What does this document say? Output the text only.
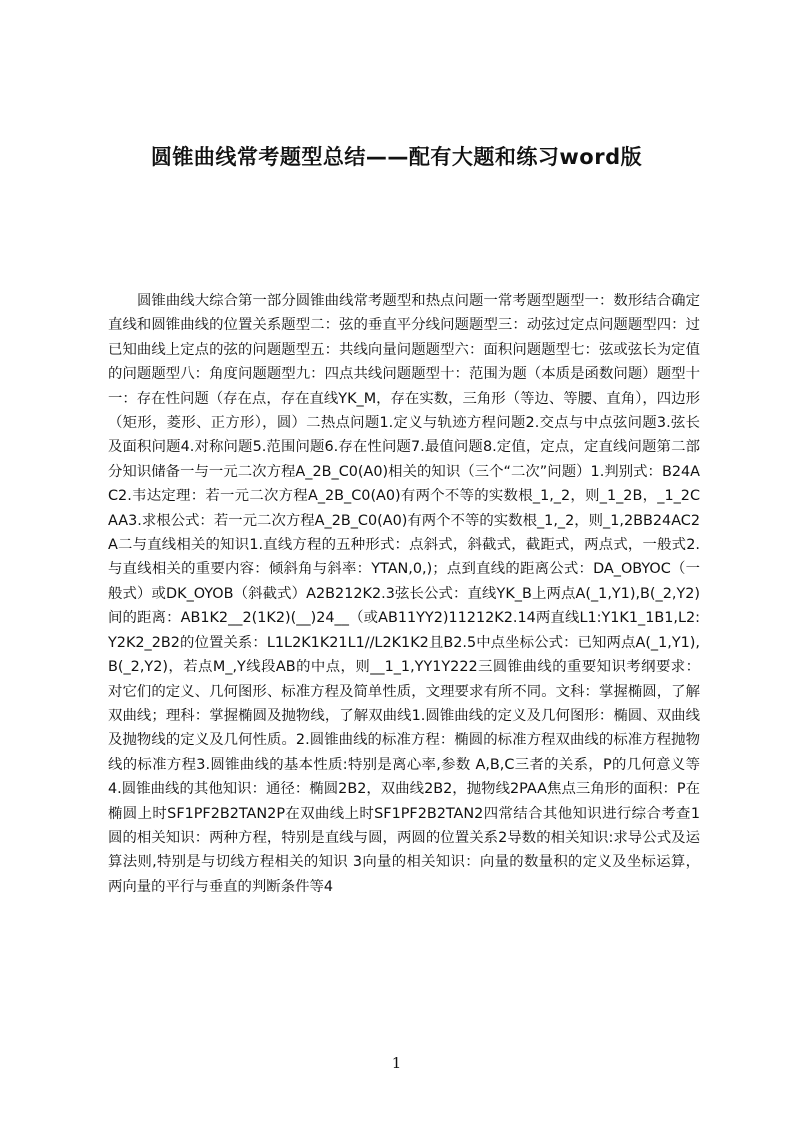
圆锥曲线常考题型总结——配有大题和练习word版
圆锥曲线大综合第一部分圆锥曲线常考题型和热点问题一常考题型题型一：数形结合确定直线和圆锥曲线的位置关系题型二：弦的垂直平分线问题题型三：动弦过定点问题题型四：过已知曲线上定点的弦的问题题型五：共线向量问题题型六：面积问题题型七：弦或弦长为定值的问题题型八：角度问题题型九：四点共线问题题型十：范围为题（本质是函数问题）题型十一：存在性问题（存在点，存在直线YK_M，存在实数，三角形（等边、等腰、直角），四边形（矩形，菱形、正方形），圆）二热点问题1.定义与轨迹方程问题2.交点与中点弦问题3.弦长及面积问题4.对称问题5.范围问题6.存在性问题7.最值问题8.定值，定点，定直线问题第二部分知识储备一与一元二次方程A_2B_C0(A0)相关的知识（三个“二次”问题）1.判别式：B24AC2.韦达定理：若一元二次方程A_2B_C0(A0)有两个不等的实数根_1,_2，则_1_2B，_1_2CAA3.求根公式：若一元二次方程A_2B_C0(A0)有两个不等的实数根_1,_2，则_1,2BB24AC2A二与直线相关的知识1.直线方程的五种形式：点斜式，斜截式，截距式，两点式，一般式2.与直线相关的重要内容：倾斜角与斜率：YTAN,0,)；点到直线的距离公式：DA_OBYOC（一般式）或DK_OYOB（斜截式）A2B212K2.3弦长公式：直线YK_B上两点A(_1,Y1),B(_2,Y2)间的距离：AB1K2__2(1K2)(__)24__（或AB11YY2)11212K2.14两直线L1:Y1K1_1B1,L2:Y2K2_2B2的位置关系：L1L2K1K21L1//L2K1K2且B2.5中点坐标公式：已知两点A(_1,Y1),B(_2,Y2)，若点M_,Y线段AB的中点，则__1_1,YY1Y222三圆锥曲线的重要知识考纲要求：对它们的定义、几何图形、标准方程及简单性质，文理要求有所不同。文科：掌握椭圆，了解双曲线；理科：掌握椭圆及抛物线，了解双曲线1.圆锥曲线的定义及几何图形：椭圆、双曲线及抛物线的定义及几何性质。2.圆锥曲线的标准方程：椭圆的标准方程双曲线的标准方程抛物线的标准方程3.圆锥曲线的基本性质:特别是离心率,参数 A,B,C三者的关系，P的几何意义等4.圆锥曲线的其他知识：通径：椭圆2B2，双曲线2B2，抛物线2PAA焦点三角形的面积：P在椭圆上时SF1PF2B2TAN2P在双曲线上时SF1PF2B2TAN2四常结合其他知识进行综合考查1圆的相关知识：两种方程，特别是直线与圆，两圆的位置关系2导数的相关知识:求导公式及运算法则,特别是与切线方程相关的知识 3向量的相关知识：向量的数量积的定义及坐标运算，两向量的平行与垂直的判断条件等4
1
